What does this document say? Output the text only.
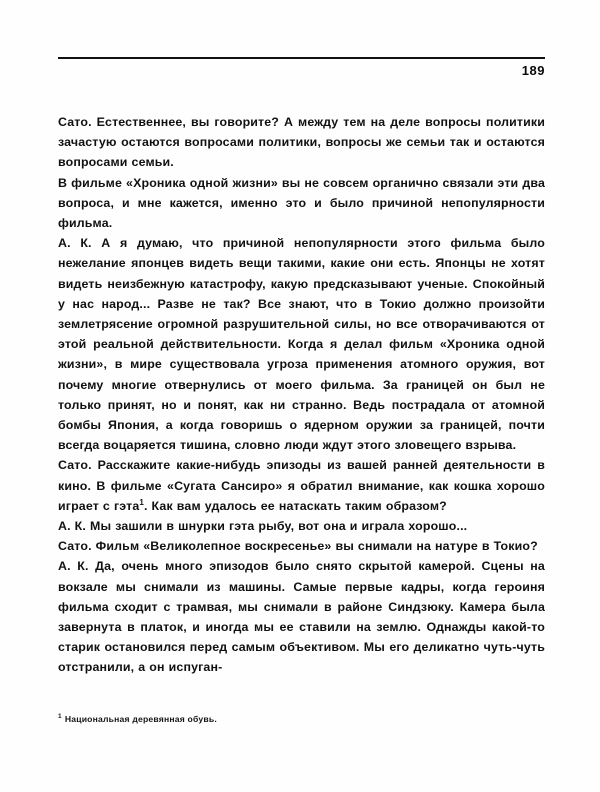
189

Сато. Естественнее, вы говорите? А между тем на деле вопросы политики зачастую остаются вопросами политики, вопросы же семьи так и остаются вопросами семьи.

В фильме «Хроника одной жизни» вы не совсем органично связали эти два вопроса, и мне кажется, именно это и было причиной непопулярности фильма.

А. К. А я думаю, что причиной непопулярности этого фильма было нежелание японцев видеть вещи такими, какие они есть. Японцы не хотят видеть неизбежную катастрофу, какую предсказывают ученые. Спокойный у нас народ... Разве не так? Все знают, что в Токио должно произойти землетрясение огромной разрушительной силы, но все отворачиваются от этой реальной действительности. Когда я делал фильм «Хроника одной жизни», в мире существовала угроза применения атомного оружия, вот почему многие отвернулись от моего фильма. За границей он был не только принят, но и понят, как ни странно. Ведь пострадала от атомной бомбы Япония, а когда говоришь о ядерном оружии за границей, почти всегда воцаряется тишина, словно люди ждут этого зловещего взрыва.

Сато. Расскажите какие-нибудь эпизоды из вашей ранней деятельности в кино. В фильме «Сугата Сансиро» я обратил внимание, как кошка хорошо играет с гэта$^1$. Как вам удалось ее натаскать таким образом?

А. К. Мы зашили в шнурки гэта рыбу, вот она и играла хорошо...

Сато. Фильм «Великолепное воскресенье» вы снимали на натуре в Токио?

А. К. Да, очень много эпизодов было снято скрытой камерой. Сцены на вокзале мы снимали из машины. Самые первые кадры, когда героиня фильма сходит с трамвая, мы снимали в районе Синдзюку. Камера была завернута в платок, и иногда мы ее ставили на землю. Однажды какой-то старик остановился перед самым объективом. Мы его деликатно чуть-чуть отстранили, а он испуган-

$^1$ Национальная деревянная обувь.
